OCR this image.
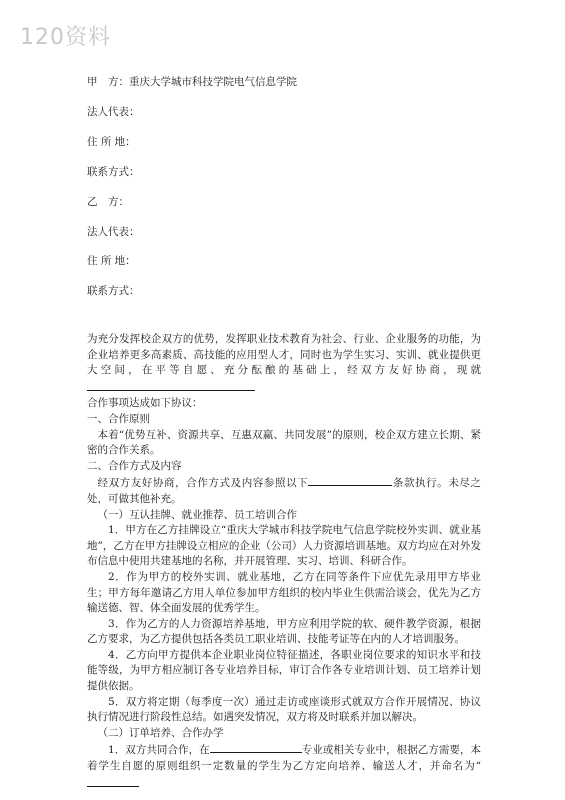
120资料
甲　方：重庆大学城市科技学院电气信息学院
法人代表：
住 所 地：
联系方式：
乙　方：
法人代表：
住 所 地：
联系方式：

为充分发挥校企双方的优势，发挥职业技术教育为社会、行业、企业服务的功能，为企业培养更多高素质、高技能的应用型人才，同时也为学生实习、实训、就业提供更大空间，在平等自愿、充分酝酿的基础上，经双方友好协商，现就

合作事项达成如下协议：

一、合作原则

本着“优势互补、资源共享、互惠双赢、共同发展”的原则，校企双方建立长期、紧密的合作关系。

二、合作方式及内容

经双方友好协商，合作方式及内容参照以下	条款执行。未尽之处，可做其他补充。

（一）互认挂牌、就业推荐、员工培训合作

1．甲方在乙方挂牌设立“重庆大学城市科技学院电气信息学院校外实训、就业基地”，乙方在甲方挂牌设立相应的企业（公司）人力资源培训基地。双方均应在对外发布信息中使用共建基地的名称，并开展管理、实习、培训、科研合作。

2．作为甲方的校外实训、就业基地，乙方在同等条件下应优先录用甲方毕业生；甲方每年邀请乙方用人单位参加甲方组织的校内毕业生供需洽谈会，优先为乙方输送德、智、体全面发展的优秀学生。

3．作为乙方的人力资源培养基地，甲方应利用学院的软、硬件教学资源，根据乙方要求，为乙方提供包括各类员工职业培训、技能考证等在内的人才培训服务。

4．乙方向甲方提供本企业职业岗位特征描述，各职业岗位要求的知识水平和技能等级，为甲方相应制订各专业培养目标，审订合作各专业培训计划、员工培养计划提供依据。

5．双方将定期（每季度一次）通过走访或座谈形式就双方合作开展情况、协议执行情况进行阶段性总结。如遇突发情况，双方将及时联系并加以解决。

（二）订单培养、合作办学

1．双方共同合作，在	专业或相关专业中，根据乙方需要，本着学生自愿的原则组织一定数量的学生为乙方定向培养、输送人才，并命名为“
